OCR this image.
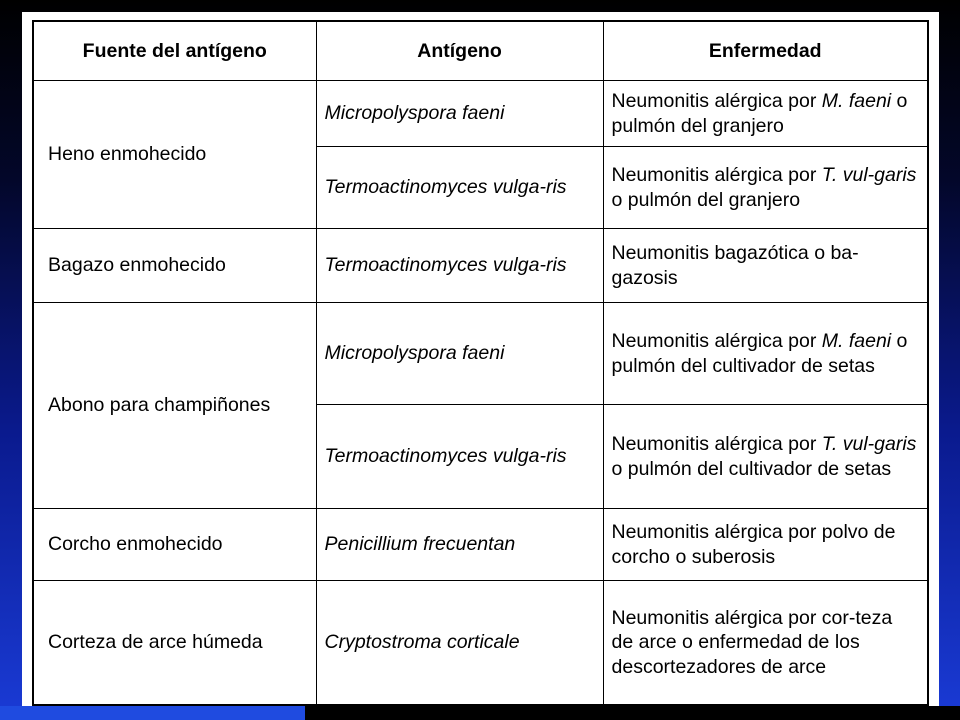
Fuente del antígeno	Antígeno	Enfermedad
Heno enmohecido	Micropolyspora faeni	Neumonitis alérgica por M. faeni o pulmón del granjero
	Termoactinomyces vulga-ris	Neumonitis alérgica por T. vul-garis o pulmón del granjero
Bagazo enmohecido	Termoactinomyces vulga-ris	Neumonitis bagazótica o ba-gazosis
Abono para champiñones	Micropolyspora faeni	Neumonitis alérgica por M. faeni o pulmón del cultivador de setas
	Termoactinomyces vulga-ris	Neumonitis alérgica por T. vul-garis o pulmón del cultivador de setas
Corcho enmohecido	Penicillium frecuentan	Neumonitis alérgica por polvo de corcho o suberosis
Corteza de arce húmeda	Cryptostroma corticale	Neumonitis alérgica por cor-teza de arce o enfermedad de los descortezadores de arce
